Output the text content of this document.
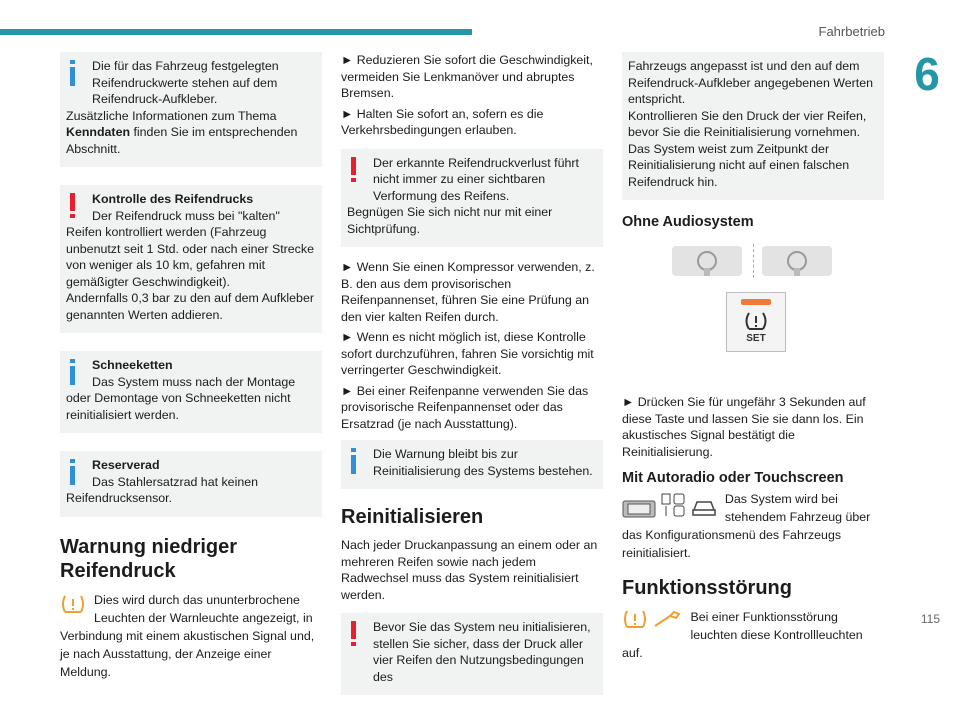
Fahrbetrieb
6
115
Die für das Fahrzeug festgelegten Reifendruckwerte stehen auf dem Reifendruck-Aufkleber.
Zusätzliche Informationen zum Thema Kenndaten finden Sie im entsprechenden Abschnitt.
Kontrolle des Reifendrucks
Der Reifendruck muss bei "kalten" Reifen kontrolliert werden (Fahrzeug unbenutzt seit 1 Std. oder nach einer Strecke von weniger als 10 km, gefahren mit gemäßigter Geschwindigkeit).
Andernfalls 0,3 bar zu den auf dem Aufkleber genannten Werten addieren.
Schneeketten
Das System muss nach der Montage oder Demontage von Schneeketten nicht reinitialisiert werden.
Reserverad
Das Stahlersatzrad hat keinen Reifendrucksensor.
Warnung niedriger Reifendruck
Dies wird durch das ununterbrochene Leuchten der Warnleuchte angezeigt, in Verbindung mit einem akustischen Signal und, je nach Ausstattung, der Anzeige einer Meldung.

► Reduzieren Sie sofort die Geschwindigkeit, vermeiden Sie Lenkmanöver und abruptes Bremsen.

► Halten Sie sofort an, sofern es die Verkehrsbedingungen erlauben.

Der erkannte Reifendruckverlust führt nicht immer zu einer sichtbaren Verformung des Reifens.
Begnügen Sie sich nicht nur mit einer Sichtprüfung.

► Wenn Sie einen Kompressor verwenden, z. B. den aus dem provisorischen Reifenpannenset, führen Sie eine Prüfung an den vier kalten Reifen durch.

► Wenn es nicht möglich ist, diese Kontrolle sofort durchzuführen, fahren Sie vorsichtig mit verringerter Geschwindigkeit.

► Bei einer Reifenpanne verwenden Sie das provisorische Reifenpannenset oder das Ersatzrad (je nach Ausstattung).

Die Warnung bleibt bis zur Reinitialisierung des Systems bestehen.
Reinitialisieren

Nach jeder Druckanpassung an einem oder an mehreren Reifen sowie nach jedem Radwechsel muss das System reinitialisiert werden.

Bevor Sie das System neu initialisieren, stellen Sie sicher, dass der Druck aller vier Reifen den Nutzungsbedingungen des
Fahrzeugs angepasst ist und den auf dem Reifendruck-Aufkleber angegebenen Werten entspricht.
Kontrollieren Sie den Druck der vier Reifen, bevor Sie die Reinitialisierung vornehmen.
Das System weist zum Zeitpunkt der Reinitialisierung nicht auf einen falschen Reifendruck hin.
Ohne Audiosystem
SET

► Drücken Sie für ungefähr 3 Sekunden auf diese Taste und lassen Sie sie dann los. Ein akustisches Signal bestätigt die Reinitialisierung.

Mit Autoradio oder Touchscreen

Das System wird bei stehendem Fahrzeug über das Konfigurationsmenü des Fahrzeugs reinitialisiert.
Funktionsstörung

Bei einer Funktionsstörung leuchten diese Kontrollleuchten auf.
